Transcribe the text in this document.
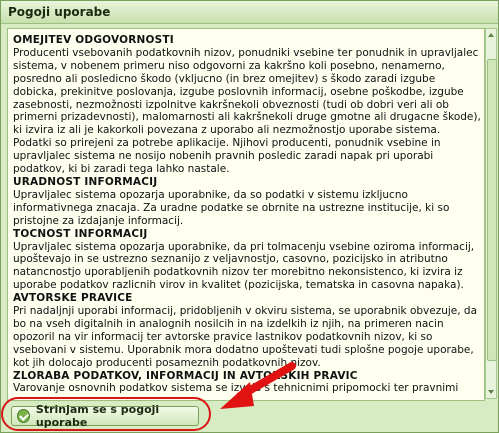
Pogoji uporabe
OMEJITEV ODGOVORNOSTI

Producenti vsebovanih podatkovnih nizov, ponudniki vsebine ter ponudnik in upravljalec sistema, v nobenem primeru niso odgovorni za kakršno koli posebno, nenamerno, posredno ali posledicno škodo (vkljucno (in brez omejitev) s škodo zaradi izgube dobicka, prekinitve poslovanja, izgube poslovnih informacij, osebne poškodbe, izgube zasebnosti, nezmožnosti izpolnitve kakršnekoli obveznosti (tudi ob dobri veri ali ob primerni prizadevnosti), malomarnosti ali kakršnekoli druge gmotne ali drugacne škode), ki izvira iz ali je kakorkoli povezana z uporabo ali nezmožnostjo uporabe sistema. Podatki so prirejeni za potrebe aplikacije. Njihovi producenti, ponudnik vsebine in upravljalec sistema ne nosijo nobenih pravnih posledic zaradi napak pri uporabi podatkov, ki bi zaradi tega lahko nastale.

URADNOST INFORMACIJ

Upravljalec sistema opozarja uporabnike, da so podatki v sistemu izkljucno informativnega znacaja. Za uradne podatke se obrnite na ustrezne institucije, ki so pristojne za izdajanje informacij.

TOCNOST INFORMACIJ

Upravljalec sistema opozarja uporabnike, da pri tolmacenju vsebine oziroma informacij, upoštevajo in se ustrezno seznanijo z veljavnostjo, casovno, pozicijsko in atributno natancnostjo uporabljenih podatkovnih nizov ter morebitno nekonsistenco, ki izvira iz uporabe podatkov razlicnih virov in kvalitet (pozicijska, tematska in casovna napaka).

AVTORSKE PRAVICE

Pri nadaljnji uporabi informacij, pridobljenih v okviru sistema, se uporabnik obvezuje, da bo na vseh digitalnih in analognih nosilcih in na izdelkih iz njih, na primeren nacin opozoril na vir informacij ter avtorske pravice lastnikov podatkovnih nizov, ki so vsebovani v sistemu. Uporabnik mora dodatno upoštevati tudi splošne pogoje uporabe, kot jih dolocajo producenti posameznih podatkovnih nizov.

ZLORABA PODATKOV, INFORMACIJ IN AVTORSKIH PRAVIC

Varovanje osnovnih podatkov sistema se s tehnicnimi pripomocki ter pravnimi

Strinjam se s pogoji uporabe
